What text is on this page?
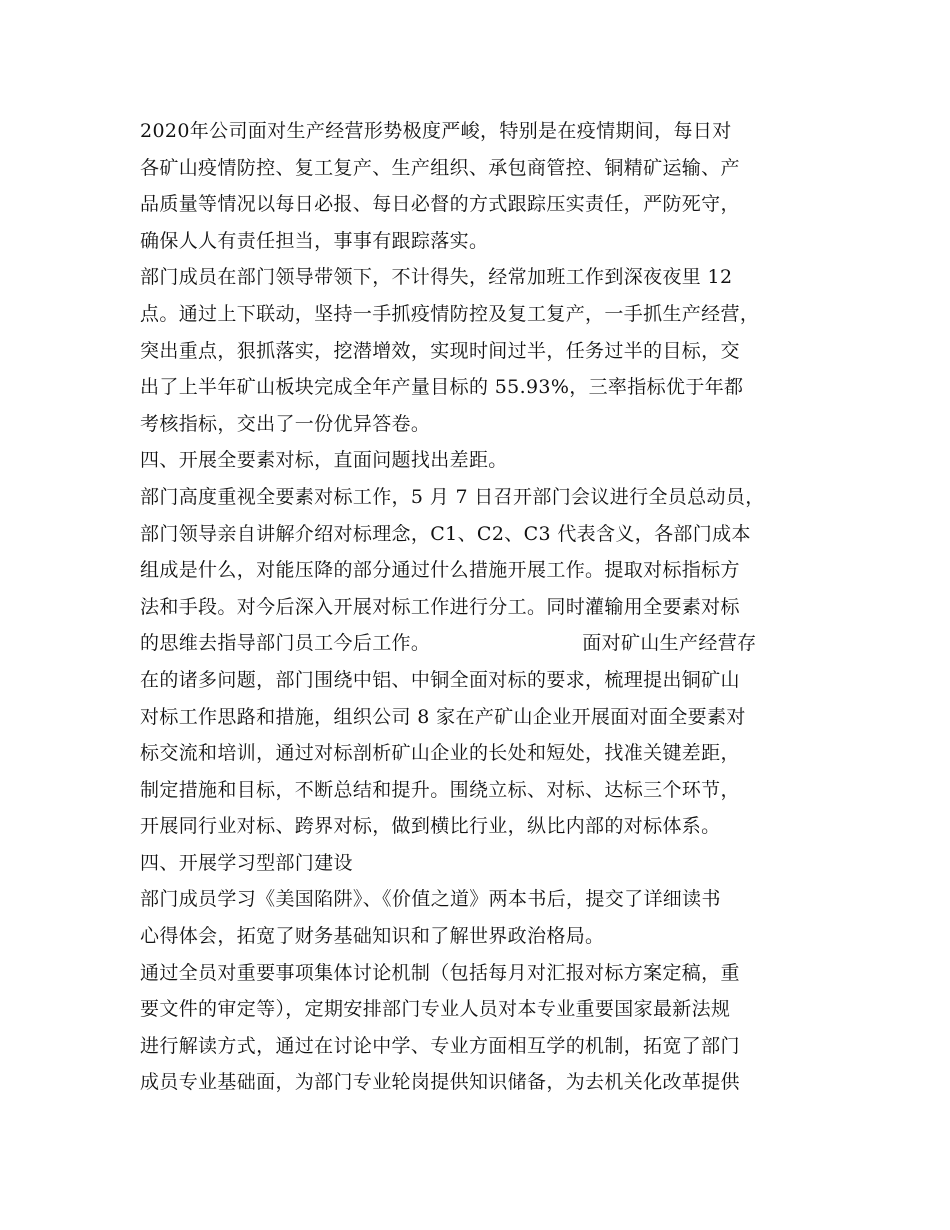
2020年公司面对生产经营形势极度严峻，特别是在疫情期间，每日对
各矿山疫情防控、复工复产、生产组织、承包商管控、铜精矿运输、产
品质量等情况以每日必报、每日必督的方式跟踪压实责任，严防死守，
确保人人有责任担当，事事有跟踪落实。
部门成员在部门领导带领下，不计得失，经常加班工作到深夜夜里 12
点。通过上下联动，坚持一手抓疫情防控及复工复产，一手抓生产经营，
突出重点，狠抓落实，挖潜增效，实现时间过半，任务过半的目标，交
出了上半年矿山板块完成全年产量目标的 55.93%，三率指标优于年都
考核指标，交出了一份优异答卷。
四、开展全要素对标，直面问题找出差距。
部门高度重视全要素对标工作，5 月 7 日召开部门会议进行全员总动员，
部门领导亲自讲解介绍对标理念，C1、C2、C3 代表含义，各部门成本
组成是什么，对能压降的部分通过什么措施开展工作。提取对标指标方
法和手段。对今后深入开展对标工作进行分工。同时灌输用全要素对标
的思维去指导部门员工今后工作。	面对矿山生产经营存
在的诸多问题，部门围绕中铝、中铜全面对标的要求，梳理提出铜矿山
对标工作思路和措施，组织公司 8 家在产矿山企业开展面对面全要素对
标交流和培训，通过对标剖析矿山企业的长处和短处，找准关键差距，
制定措施和目标，不断总结和提升。围绕立标、对标、达标三个环节，
开展同行业对标、跨界对标，做到横比行业，纵比内部的对标体系。
四、开展学习型部门建设
部门成员学习《美国陷阱》、《价值之道》两本书后，提交了详细读书
心得体会，拓宽了财务基础知识和了解世界政治格局。
通过全员对重要事项集体讨论机制（包括每月对汇报对标方案定稿，重
要文件的审定等），定期安排部门专业人员对本专业重要国家最新法规
进行解读方式，通过在讨论中学、专业方面相互学的机制，拓宽了部门
成员专业基础面，为部门专业轮岗提供知识储备，为去机关化改革提供
